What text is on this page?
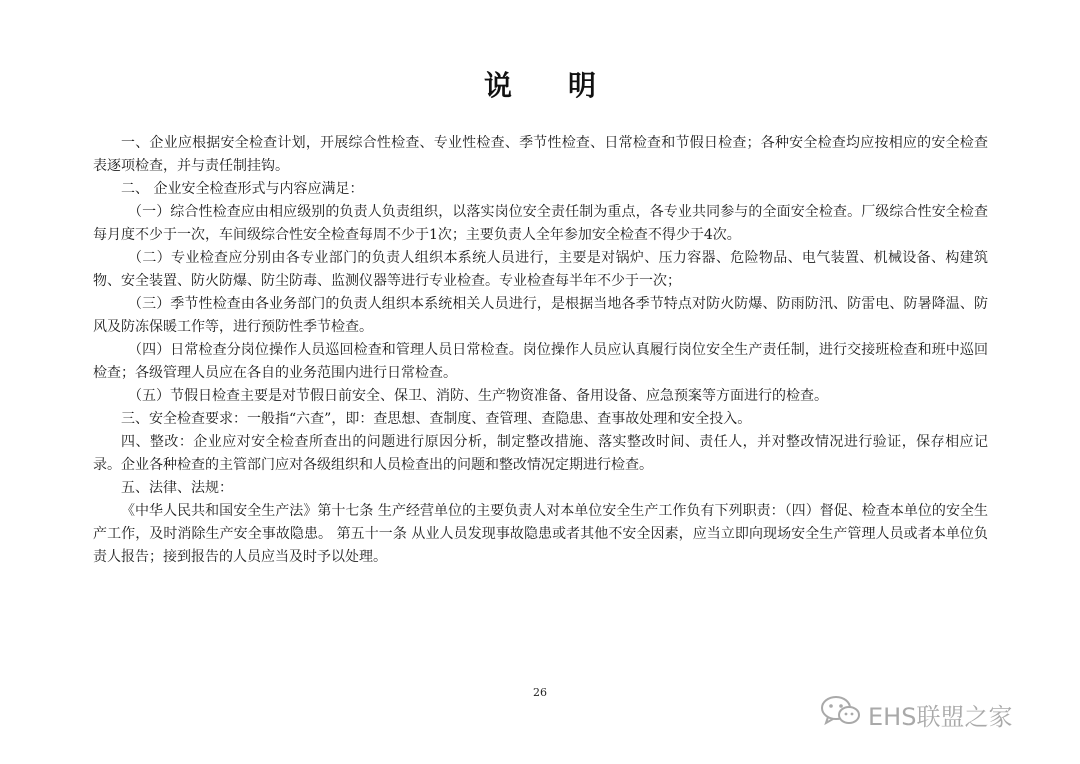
说明

一、企业应根据安全检查计划，开展综合性检查、专业性检查、季节性检查、日常检查和节假日检查；各种安全检查均应按相应的安全检查表逐项检查，并与责任制挂钩。

二、 企业安全检查形式与内容应满足：

（一）综合性检查应由相应级别的负责人负责组织，以落实岗位安全责任制为重点，各专业共同参与的全面安全检查。厂级综合性安全检查每月度不少于一次，车间级综合性安全检查每周不少于1次；主要负责人全年参加安全检查不得少于4次。

（二）专业检查应分别由各专业部门的负责人组织本系统人员进行，主要是对锅炉、压力容器、危险物品、电气装置、机械设备、构建筑物、安全装置、防火防爆、防尘防毒、监测仪器等进行专业检查。专业检查每半年不少于一次；

（三）季节性检查由各业务部门的负责人组织本系统相关人员进行，是根据当地各季节特点对防火防爆、防雨防汛、防雷电、防暑降温、防风及防冻保暖工作等，进行预防性季节检查。

（四）日常检查分岗位操作人员巡回检查和管理人员日常检查。岗位操作人员应认真履行岗位安全生产责任制，进行交接班检查和班中巡回检查；各级管理人员应在各自的业务范围内进行日常检查。

（五）节假日检查主要是对节假日前安全、保卫、消防、生产物资准备、备用设备、应急预案等方面进行的检查。

三、安全检查要求：一般指“六查”，即：查思想、查制度、查管理、查隐患、查事故处理和安全投入。

四、整改：企业应对安全检查所查出的问题进行原因分析，制定整改措施、落实整改时间、责任人，并对整改情况进行验证，保存相应记录。企业各种检查的主管部门应对各级组织和人员检查出的问题和整改情况定期进行检查。

五、法律、法规：

《中华人民共和国安全生产法》第十七条 生产经营单位的主要负责人对本单位安全生产工作负有下列职责：（四）督促、检查本单位的安全生产工作，及时消除生产安全事故隐患。 第五十一条 从业人员发现事故隐患或者其他不安全因素，应当立即向现场安全生产管理人员或者本单位负责人报告；接到报告的人员应当及时予以处理。

26
EHS联盟之家
